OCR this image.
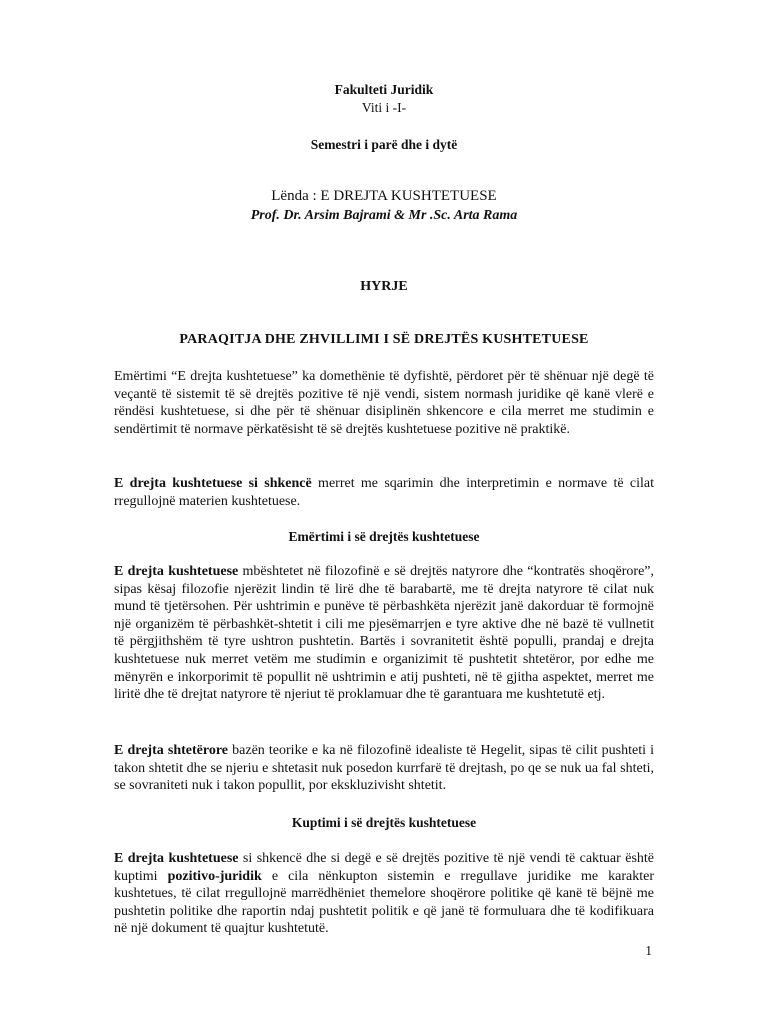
Fakulteti Juridik
Viti i -I-
Semestri i parë dhe i dytë
Lënda : E DREJTA KUSHTETUESE
Prof. Dr. Arsim Bajrami & Mr .Sc. Arta Rama
HYRJE
PARAQITJA DHE ZHVILLIMI I SË DREJTËS KUSHTETUESE

Emërtimi “E drejta kushtetuese” ka domethënie të dyfishtë, përdoret për të shënuar një degë të veçantë të sistemit të së drejtës pozitive të një vendi, sistem normash juridike që kanë vlerë e rëndësi kushtetuese, si dhe për të shënuar disiplinën shkencore e cila merret me studimin e sendërtimit të normave përkatësisht të së drejtës kushtetuese pozitive në praktikë.

E drejta kushtetuese si shkencë merret me sqarimin dhe interpretimin e normave të cilat rregullojnë materien kushtetuese.

Emërtimi i së drejtës kushtetuese

E drejta kushtetuese mbështetet në filozofinë e së drejtës natyrore dhe “kontratës shoqërore”, sipas kësaj filozofie njerëzit lindin të lirë dhe të barabartë, me të drejta natyrore të cilat nuk mund të tjetërsohen. Për ushtrimin e punëve të përbashkëta njerëzit janë dakorduar të formojnë një organizëm të përbashkët-shtetit i cili me pjesëmarrjen e tyre aktive dhe në bazë të vullnetit të përgjithshëm të tyre ushtron pushtetin. Bartës i sovranitetit është populli, prandaj e drejta kushtetuese nuk merret vetëm me studimin e organizimit të pushtetit shtetëror, por edhe me mënyrën e inkorporimit të popullit në ushtrimin e atij pushteti, në të gjitha aspektet, merret me liritë dhe të drejtat natyrore të njeriut të proklamuar dhe të garantuara me kushtetutë etj.

E drejta shtetërore bazën teorike e ka në filozofinë idealiste të Hegelit, sipas të cilit pushteti i takon shtetit dhe se njeriu e shtetasit nuk posedon kurrfarë të drejtash, po qe se nuk ua fal shteti, se sovraniteti nuk i takon popullit, por ekskluzivisht shtetit.

Kuptimi i së drejtës kushtetuese

E drejta kushtetuese si shkencë dhe si degë e së drejtës pozitive të një vendi të caktuar është kuptimi pozitivo-juridik e cila nënkupton sistemin e rregullave juridike me karakter kushtetues, të cilat rregullojnë marrëdhëniet themelore shoqërore politike që kanë të bëjnë me pushtetin politike dhe raportin ndaj pushtetit politik e që janë të formuluara dhe të kodifikuara në një dokument të quajtur kushtetutë.

1
